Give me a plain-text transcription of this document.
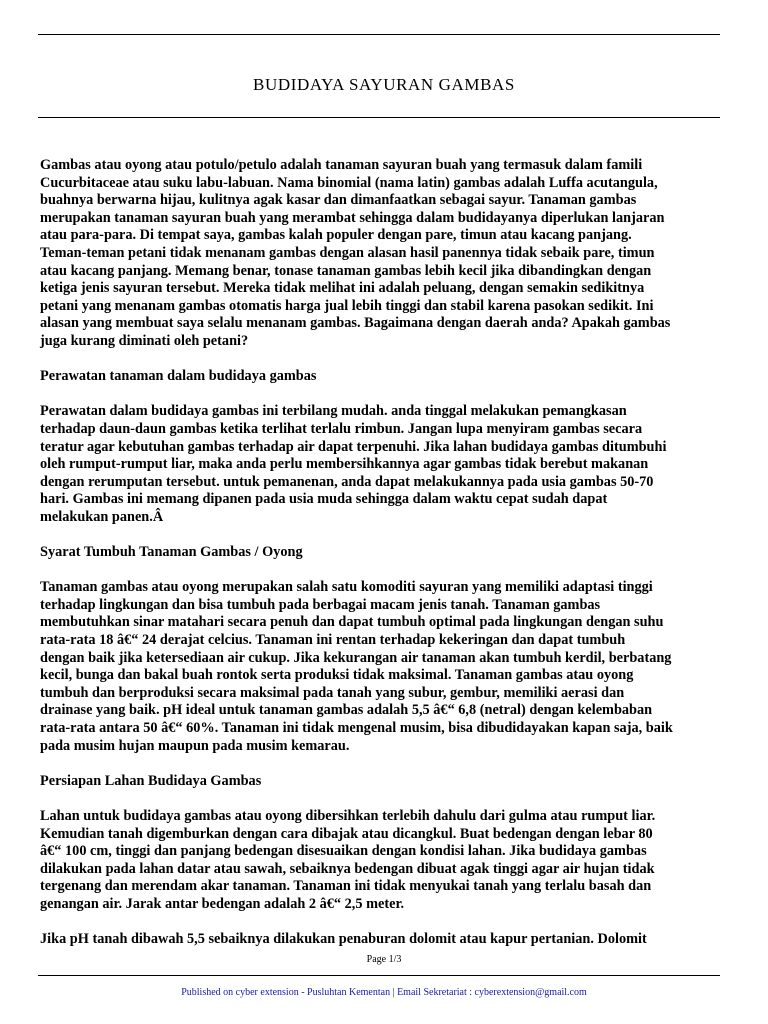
BUDIDAYA SAYURAN GAMBAS

Gambas atau oyong atau potulo/petulo adalah tanaman sayuran buah yang termasuk dalam famili
Cucurbitaceae atau suku labu-labuan. Nama binomial (nama latin) gambas adalah Luffa acutangula,
buahnya berwarna hijau, kulitnya agak kasar dan dimanfaatkan sebagai sayur. Tanaman gambas
merupakan tanaman sayuran buah yang merambat sehingga dalam budidayanya diperlukan lanjaran
atau para-para. Di tempat saya, gambas kalah populer dengan pare, timun atau kacang panjang.
Teman-teman petani tidak menanam gambas dengan alasan hasil panennya tidak sebaik pare, timun
atau kacang panjang. Memang benar, tonase tanaman gambas lebih kecil jika dibandingkan dengan
ketiga jenis sayuran tersebut. Mereka tidak melihat ini adalah peluang, dengan semakin sedikitnya
petani yang menanam gambas otomatis harga jual lebih tinggi dan stabil karena pasokan sedikit. Ini
alasan yang membuat saya selalu menanam gambas. Bagaimana dengan daerah anda? Apakah gambas
juga kurang diminati oleh petani?

Perawatan tanaman dalam budidaya gambas

Perawatan dalam budidaya gambas ini terbilang mudah. anda tinggal melakukan pemangkasan
terhadap daun-daun gambas ketika terlihat terlalu rimbun. Jangan lupa menyiram gambas secara
teratur agar kebutuhan gambas terhadap air dapat terpenuhi. Jika lahan budidaya gambas ditumbuhi
oleh rumput-rumput liar, maka anda perlu membersihkannya agar gambas tidak berebut makanan
dengan rerumputan tersebut. untuk pemanenan, anda dapat melakukannya pada usia gambas 50-70
hari. Gambas ini memang dipanen pada usia muda sehingga dalam waktu cepat sudah dapat
melakukan panen.Â

Syarat Tumbuh Tanaman Gambas / Oyong

Tanaman gambas atau oyong merupakan salah satu komoditi sayuran yang memiliki adaptasi tinggi
terhadap lingkungan dan bisa tumbuh pada berbagai macam jenis tanah. Tanaman gambas
membutuhkan sinar matahari secara penuh dan dapat tumbuh optimal pada lingkungan dengan suhu
rata-rata 18 â€“ 24 derajat celcius. Tanaman ini rentan terhadap kekeringan dan dapat tumbuh
dengan baik jika ketersediaan air cukup. Jika kekurangan air tanaman akan tumbuh kerdil, berbatang
kecil, bunga dan bakal buah rontok serta produksi tidak maksimal. Tanaman gambas atau oyong
tumbuh dan berproduksi secara maksimal pada tanah yang subur, gembur, memiliki aerasi dan
drainase yang baik. pH ideal untuk tanaman gambas adalah 5,5 â€“ 6,8 (netral) dengan kelembaban
rata-rata antara 50 â€“ 60%. Tanaman ini tidak mengenal musim, bisa dibudidayakan kapan saja, baik
pada musim hujan maupun pada musim kemarau.

Persiapan Lahan Budidaya Gambas

Lahan untuk budidaya gambas atau oyong dibersihkan terlebih dahulu dari gulma atau rumput liar.
Kemudian tanah digemburkan dengan cara dibajak atau dicangkul. Buat bedengan dengan lebar 80
â€“ 100 cm, tinggi dan panjang bedengan disesuaikan dengan kondisi lahan. Jika budidaya gambas
dilakukan pada lahan datar atau sawah, sebaiknya bedengan dibuat agak tinggi agar air hujan tidak
tergenang dan merendam akar tanaman. Tanaman ini tidak menyukai tanah yang terlalu basah dan
genangan air. Jarak antar bedengan adalah 2 â€“ 2,5 meter.

Jika pH tanah dibawah 5,5 sebaiknya dilakukan penaburan dolomit atau kapur pertanian. Dolomit

Page 1/3
Published on cyber extension - Pusluhtan Kementan | Email Sekretariat : cyberextension@gmail.com
